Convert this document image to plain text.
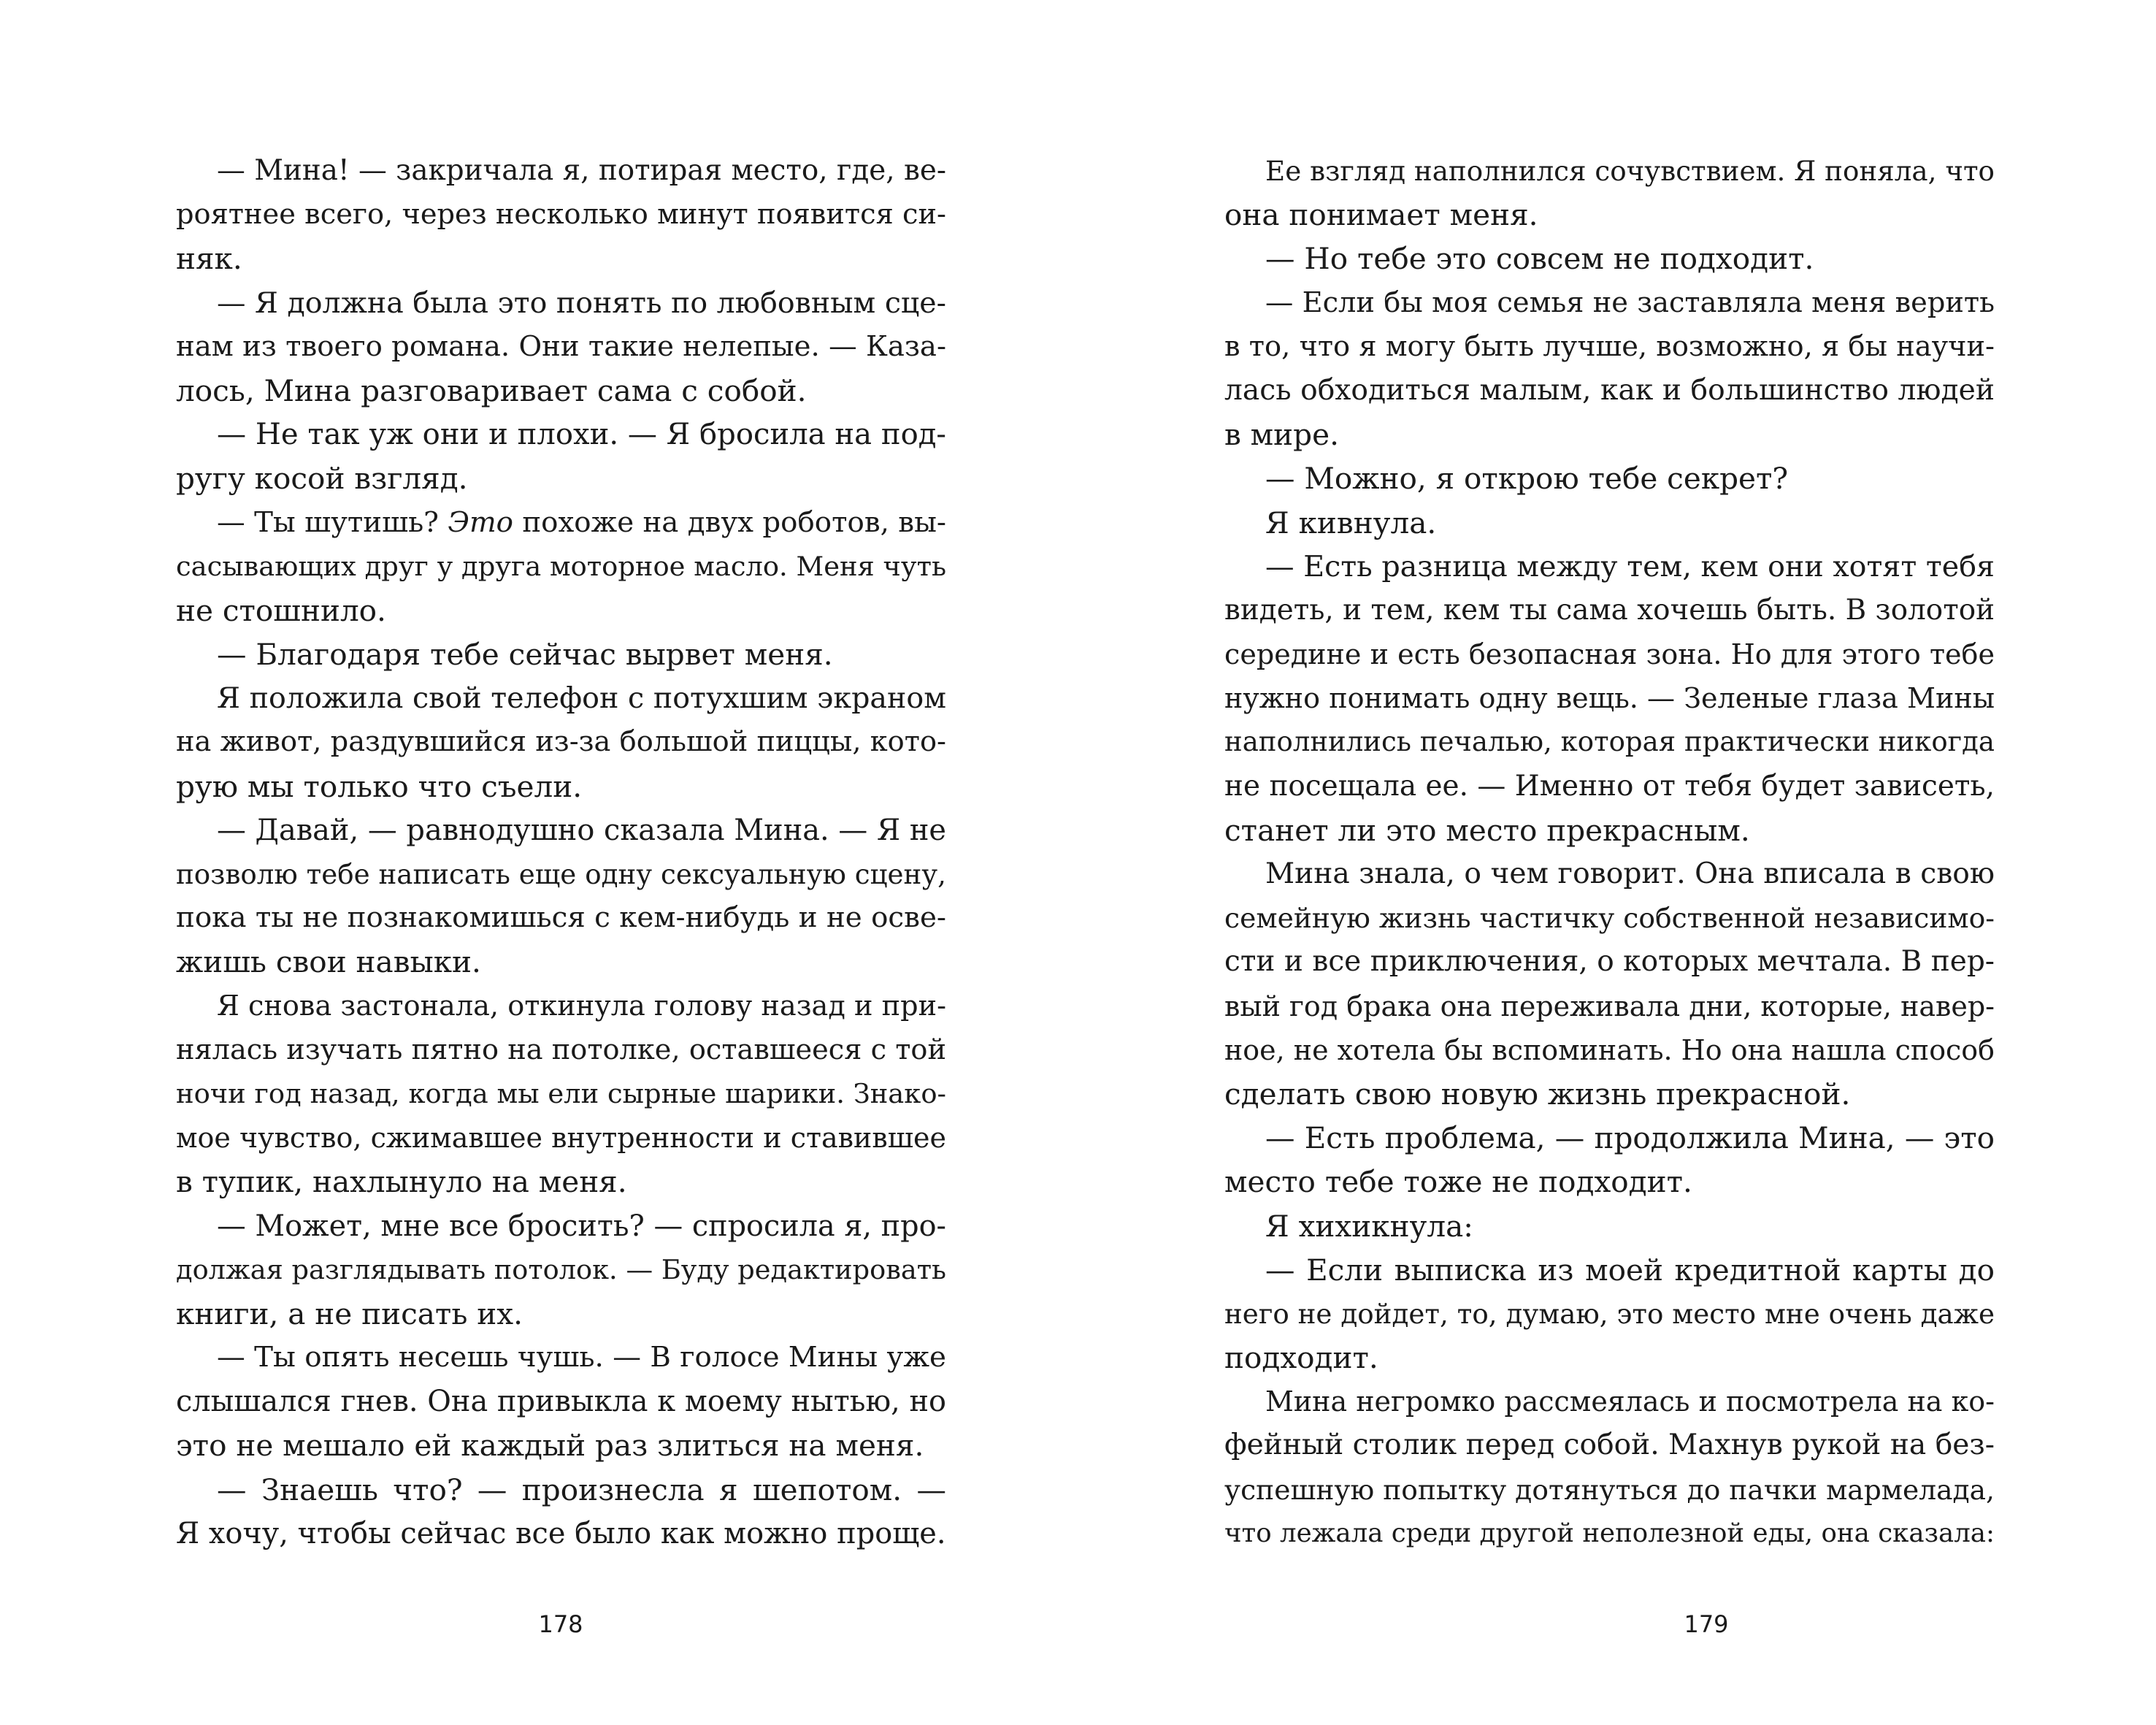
— Мина! — закричала я, потирая место, где, ве-
роятнее всего, через несколько минут появится си-
няк.
— Я должна была это понять по любовным сце-
нам из твоего романа. Они такие нелепые. — Каза-
лось, Мина разговаривает сама с собой.
— Не так уж они и плохи. — Я бросила на под-
ругу косой взгляд.
— Ты шутишь? Это похоже на двух роботов, вы-
сасывающих друг у друга моторное масло. Меня чуть
не стошнило.
— Благодаря тебе сейчас вырвет меня.
Я положила свой телефон с потухшим экраном
на живот, раздувшийся из-за большой пиццы, кото-
рую мы только что съели.
— Давай, — равнодушно сказала Мина. — Я не
позволю тебе написать еще одну сексуальную сцену,
пока ты не познакомишься с кем-нибудь и не осве-
жишь свои навыки.
Я снова застонала, откинула голову назад и при-
нялась изучать пятно на потолке, оставшееся с той
ночи год назад, когда мы ели сырные шарики. Знако-
мое чувство, сжимавшее внутренности и ставившее
в тупик, нахлынуло на меня.
— Может, мне все бросить? — спросила я, про-
должая разглядывать потолок. — Буду редактировать
книги, а не писать их.
— Ты опять несешь чушь. — В голосе Мины уже
слышался гнев. Она привыкла к моему нытью, но
это не мешало ей каждый раз злиться на меня.
— Знаешь что? — произнесла я шепотом. —
Я хочу, чтобы сейчас все было как можно проще.
178
Ее взгляд наполнился сочувствием. Я поняла, что
она понимает меня.
— Но тебе это совсем не подходит.
— Если бы моя семья не заставляла меня верить
в то, что я могу быть лучше, возможно, я бы научи-
лась обходиться малым, как и большинство людей
в мире.
— Можно, я открою тебе секрет?
Я кивнула.
— Есть разница между тем, кем они хотят тебя
видеть, и тем, кем ты сама хочешь быть. В золотой
середине и есть безопасная зона. Но для этого тебе
нужно понимать одну вещь. — Зеленые глаза Мины
наполнились печалью, которая практически никогда
не посещала ее. — Именно от тебя будет зависеть,
станет ли это место прекрасным.
Мина знала, о чем говорит. Она вписала в свою
семейную жизнь частичку собственной независимо-
сти и все приключения, о которых мечтала. В пер-
вый год брака она переживала дни, которые, навер-
ное, не хотела бы вспоминать. Но она нашла способ
сделать свою новую жизнь прекрасной.
— Есть проблема, — продолжила Мина, — это
место тебе тоже не подходит.
Я хихикнула:
— Если выписка из моей кредитной карты до
него не дойдет, то, думаю, это место мне очень даже
подходит.
Мина негромко рассмеялась и посмотрела на ко-
фейный столик перед собой. Махнув рукой на без-
успешную попытку дотянуться до пачки мармелада,
что лежала среди другой неполезной еды, она сказала:
179
